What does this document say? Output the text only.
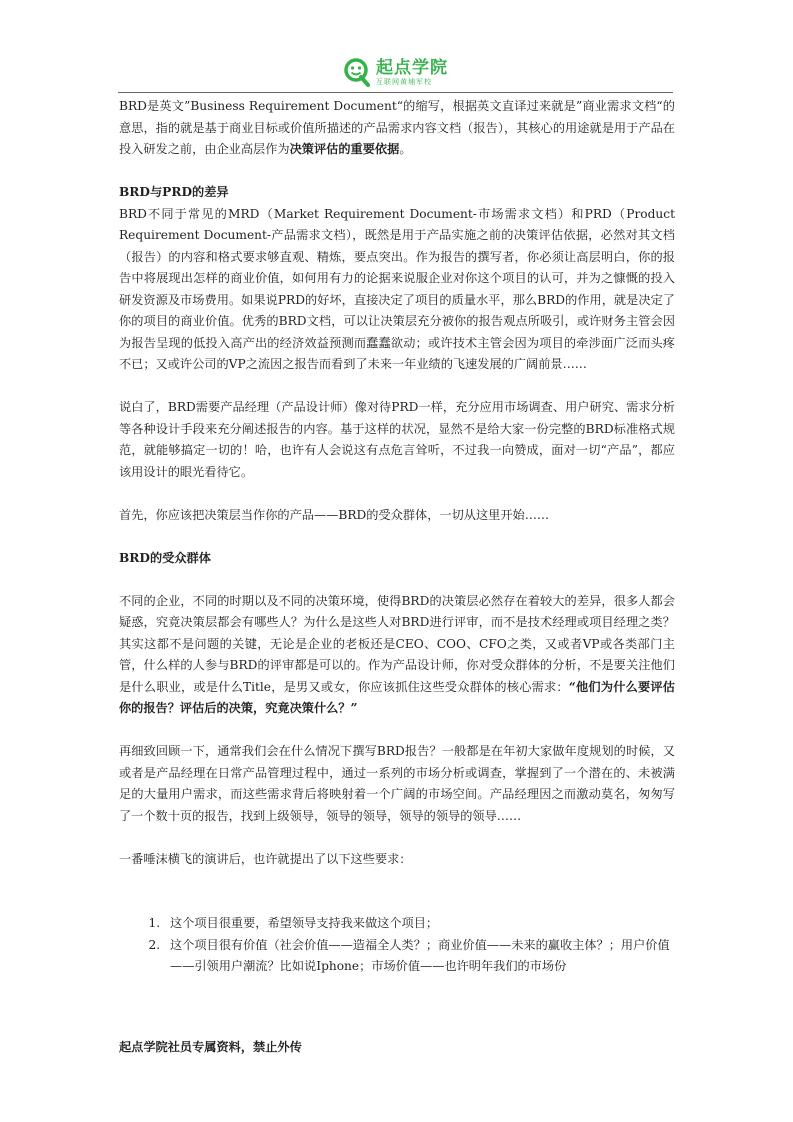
起点学院
互联网黄埔军校

BRD是英文”Business Requirement Document“的缩写，根据英文直译过来就是”商业需求文档“的意思，指的就是基于商业目标或价值所描述的产品需求内容文档（报告），其核心的用途就是用于产品在投入研发之前，由企业高层作为决策评估的重要依据。

BRD与PRD的差异

BRD不同于常见的MRD（Market Requirement Document-市场需求文档）和PRD（Product Requirement Document-产品需求文档），既然是用于产品实施之前的决策评估依据，必然对其文档（报告）的内容和格式要求够直观、精炼，要点突出。作为报告的撰写者，你必须让高层明白，你的报告中将展现出怎样的商业价值，如何用有力的论据来说服企业对你这个项目的认可，并为之慷慨的投入研发资源及市场费用。如果说PRD的好坏，直接决定了项目的质量水平，那么BRD的作用，就是决定了你的项目的商业价值。优秀的BRD文档，可以让决策层充分被你的报告观点所吸引，或许财务主管会因为报告呈现的低投入高产出的经济效益预测而蠢蠢欲动；或许技术主管会因为项目的牵涉面广泛而头疼不已；又或许公司的VP之流因之报告而看到了未来一年业绩的飞速发展的广阔前景……

说白了，BRD需要产品经理（产品设计师）像对待PRD一样，充分应用市场调查、用户研究、需求分析等各种设计手段来充分阐述报告的内容。基于这样的状况，显然不是给大家一份完整的BRD标准格式规范，就能够搞定一切的！哈，也许有人会说这有点危言耸听，不过我一向赞成，面对一切“产品”，都应该用设计的眼光看待它。

首先，你应该把决策层当作你的产品——BRD的受众群体，一切从这里开始……

BRD的受众群体

不同的企业，不同的时期以及不同的决策环境，使得BRD的决策层必然存在着较大的差异，很多人都会疑惑，究竟决策层都会有哪些人？为什么是这些人对BRD进行评审，而不是技术经理或项目经理之类？其实这都不是问题的关键，无论是企业的老板还是CEO、COO、CFO之类，又或者VP或各类部门主管，什么样的人参与BRD的评审都是可以的。作为产品设计师，你对受众群体的分析，不是要关注他们是什么职业，或是什么Title，是男又或女，你应该抓住这些受众群体的核心需求：“他们为什么要评估你的报告？评估后的决策，究竟决策什么？”

再细致回顾一下，通常我们会在什么情况下撰写BRD报告？一般都是在年初大家做年度规划的时候，又或者是产品经理在日常产品管理过程中，通过一系列的市场分析或调查，掌握到了一个潜在的、未被满足的大量用户需求，而这些需求背后将映射着一个广阔的市场空间。产品经理因之而激动莫名，匆匆写了一个数十页的报告，找到上级领导，领导的领导，领导的领导的领导……

一番唾沫横飞的演讲后，也许就提出了以下这些要求：

1. 这个项目很重要，希望领导支持我来做这个项目；
2. 这个项目很有价值（社会价值——造福全人类？；商业价值——未来的赢收主体？；用户价值——引领用户潮流？比如说Iphone；市场价值——也许明年我们的市场份
起点学院社员专属资料，禁止外传
